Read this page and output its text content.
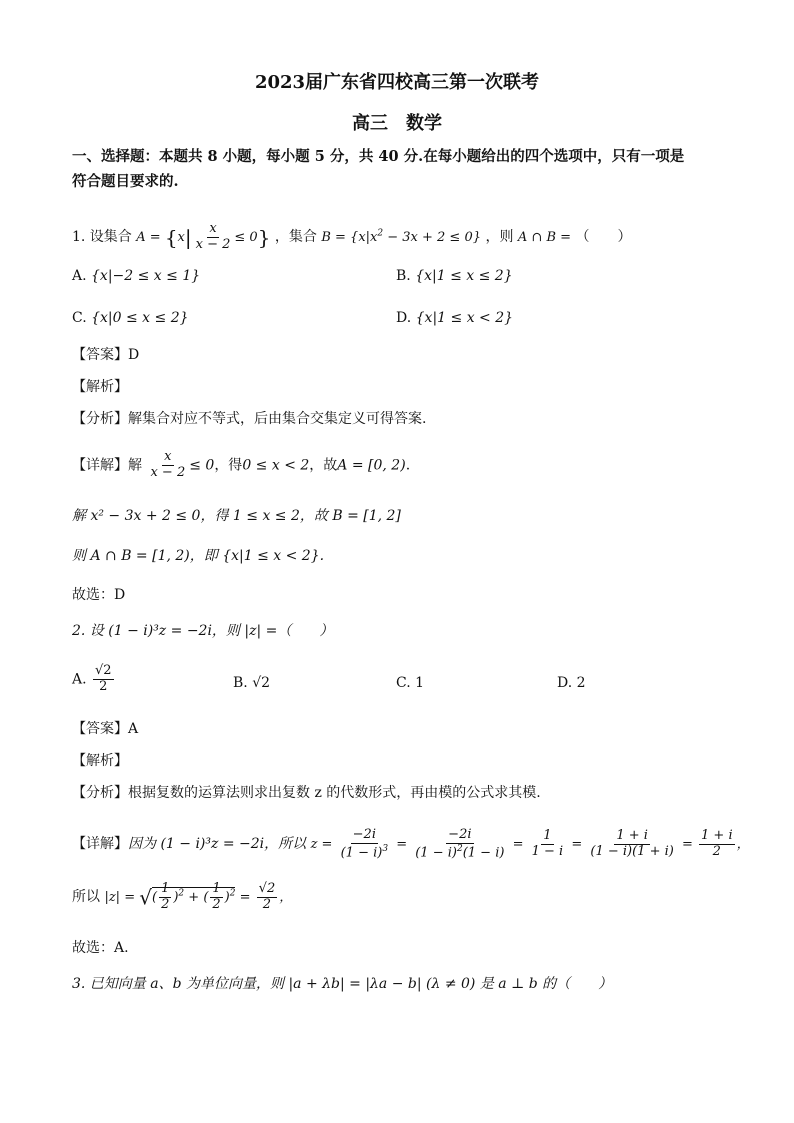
2023届广东省四校高三第一次联考
高三　数学
一、选择题：本题共 8 小题，每小题 5 分，共 40 分.在每小题给出的四个选项中，只有一项是
符合题目要求的.
1. 设集合 $A = \{x| \frac{x}{x - 2} \le 0\}$ ，集合 $B = \{x|x^2 - 3x + 2 \le 0\}$ ，则 A ∩ B = （　　）
A. {x|−2 ≤ x ≤ 1}	B. {x|1 ≤ x ≤ 2}
C. {x|0 ≤ x ≤ 2}	D. {x|1 ≤ x < 2}
【答案】D
【解析】
【分析】解集合对应不等式，后由集合交集定义可得答案.
【详解】解 $\frac{x}{x - 2} \le 0$，得0 ≤ x < 2，故A = [0, 2).
解 x² − 3x + 2 ≤ 0，得 1 ≤ x ≤ 2，故 B = [1, 2]
则 A ∩ B = [1, 2)，即 {x|1 ≤ x < 2}.
故选：D
2. 设 (1 − i)³z = −2i，则 |z| =（　　）
A. $\frac{√2}{2}$	B. √2	C. 1	D. 2
【答案】A
【解析】
【分析】根据复数的运算法则求出复数 z 的代数形式，再由模的公式求其模.
【详解】因为 (1 − i)³z = −2i，所以 $z = \frac{-2i}{(1 - i)^3} = \frac{-2i}{(1 - i)^2(1 - i)} = \frac{1}{1 - i} = \frac{1 + i}{(1 - i)(1 + i)} = \frac{1 + i}{2}$ ，
所以 |z| = √( $\frac{1}{2} )^2$ + ( $\frac{1}{2} )^2 = \frac{√2}{2}$ ，
故选：A.
3. 已知向量 a、b 为单位向量，则 |a + λb| = |λa − b| (λ ≠ 0) 是 a ⊥ b 的（　　）
